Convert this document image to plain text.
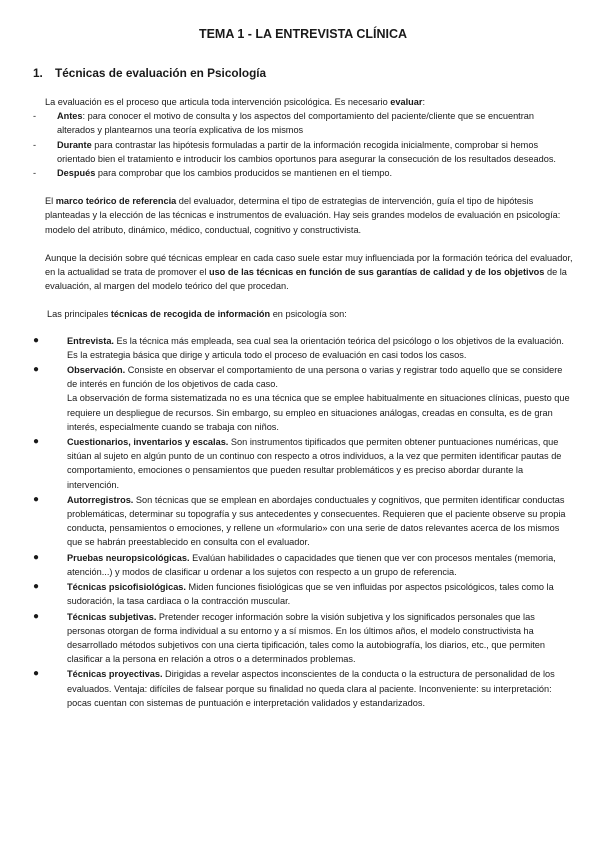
TEMA 1 - LA ENTREVISTA CLÍNICA
1.	Técnicas de evaluación en Psicología

La evaluación es el proceso que articula toda intervención psicológica. Es necesario evaluar:

-	Antes: para conocer el motivo de consulta y los aspectos del comportamiento del paciente/cliente que se encuentran alterados y plantearnos una teoría explicativa de los mismos
-	Durante para contrastar las hipótesis formuladas a partir de la información recogida inicialmente, comprobar si hemos orientado bien el tratamiento e introducir los cambios oportunos para asegurar la consecución de los resultados deseados.
-	Después para comprobar que los cambios producidos se mantienen en el tiempo.

El marco teórico de referencia del evaluador, determina el tipo de estrategias de intervención, guía el tipo de hipótesis planteadas y la elección de las técnicas e instrumentos de evaluación. Hay seis grandes modelos de evaluación en psicología: modelo del atributo, dinámico, médico, conductual, cognitivo y constructivista.

Aunque la decisión sobre qué técnicas emplear en cada caso suele estar muy influenciada por la formación teórica del evaluador, en la actualidad se trata de promover el uso de las técnicas en función de sus garantías de calidad y de los objetivos de la evaluación, al margen del modelo teórico del que procedan.

Las principales técnicas de recogida de información en psicología son:

●	Entrevista. Es la técnica más empleada, sea cual sea la orientación teórica del psicólogo o los objetivos de la evaluación. Es la estrategia básica que dirige y articula todo el proceso de evaluación en casi todos los casos.

●	Observación. Consiste en observar el comportamiento de una persona o varias y registrar todo aquello que se considere de interés en función de los objetivos de cada caso.

La observación de forma sistematizada no es una técnica que se emplee habitualmente en situaciones clínicas, puesto que requiere un despliegue de recursos. Sin embargo, su empleo en situaciones análogas, creadas en consulta, es de gran interés, especialmente cuando se trabaja con niños.

●	Cuestionarios, inventarios y escalas. Son instrumentos tipificados que permiten obtener puntuaciones numéricas, que sitúan al sujeto en algún punto de un continuo con respecto a otros individuos, a la vez que permiten identificar pautas de comportamiento, emociones o pensamientos que pueden resultar problemáticos y es preciso abordar durante la intervención.

●	Autorregistros. Son técnicas que se emplean en abordajes conductuales y cognitivos, que permiten identificar conductas problemáticas, determinar su topografía y sus antecedentes y consecuentes. Requieren que el paciente observe su propia conducta, pensamientos o emociones, y rellene un «formulario» con una serie de datos relevantes acerca de los mismos que se habrán preestablecido en consulta con el evaluador.

●	Pruebas neuropsicológicas. Evalúan habilidades o capacidades que tienen que ver con procesos mentales (memoria, atención...) y modos de clasificar u ordenar a los sujetos con respecto a un grupo de referencia.

●	Técnicas psicofisiológicas. Miden funciones fisiológicas que se ven influidas por aspectos psicológicos, tales como la sudoración, la tasa cardiaca o la contracción muscular.

●	Técnicas subjetivas. Pretender recoger información sobre la visión subjetiva y los significados personales que las personas otorgan de forma individual a su entorno y a sí mismos. En los últimos años, el modelo constructivista ha desarrollado métodos subjetivos con una cierta tipificación, tales como la autobiografía, los diarios, etc., que permiten clasificar a la persona en relación a otros o a determinados problemas.

●	Técnicas proyectivas. Dirigidas a revelar aspectos inconscientes de la conducta o la estructura de personalidad de los evaluados. Ventaja: difíciles de falsear porque su finalidad no queda clara al paciente. Inconveniente: su interpretación: pocas cuentan con sistemas de puntuación e interpretación validados y estandarizados.
